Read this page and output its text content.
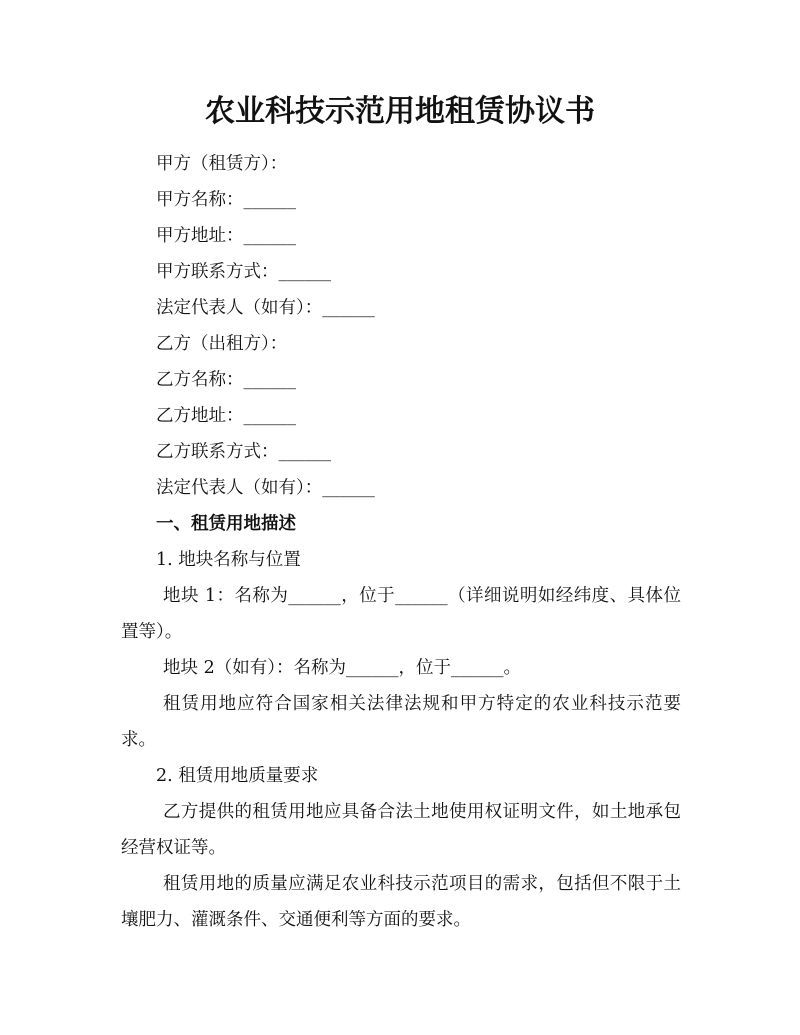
农业科技示范用地租赁协议书

甲方（租赁方）：

甲方名称：______

甲方地址：______

甲方联系方式：______

法定代表人（如有）：______

乙方（出租方）：

乙方名称：______

乙方地址：______

乙方联系方式：______

法定代表人（如有）：______

一、租赁用地描述

1. 地块名称与位置

地块 1：名称为______，位于______（详细说明如经纬度、具体位置等）。

地块 2（如有）：名称为______，位于______。

租赁用地应符合国家相关法律法规和甲方特定的农业科技示范要求。

2. 租赁用地质量要求

乙方提供的租赁用地应具备合法土地使用权证明文件，如土地承包经营权证等。

租赁用地的质量应满足农业科技示范项目的需求，包括但不限于土壤肥力、灌溉条件、交通便利等方面的要求。
